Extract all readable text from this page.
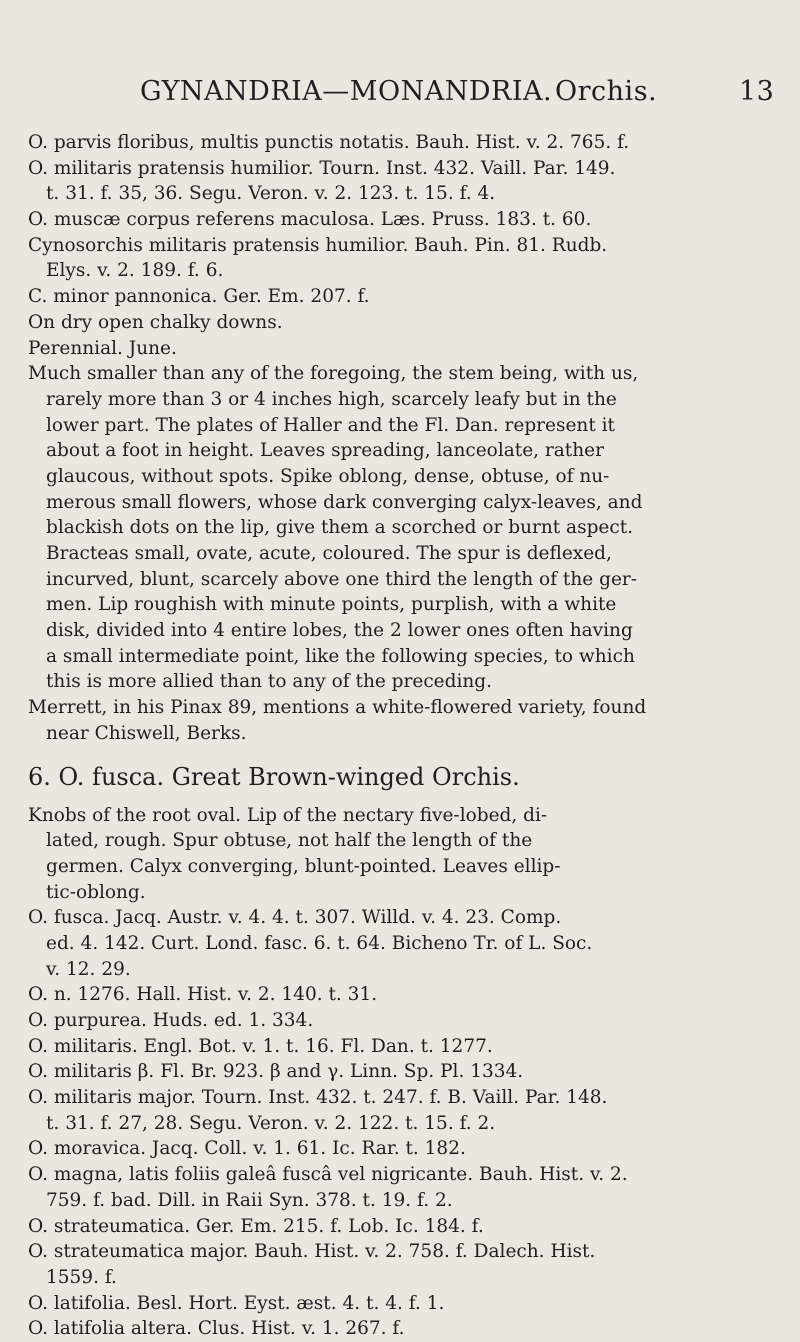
GYNANDRIA—MONANDRIA. Orchis.	13
O. parvis floribus, multis punctis notatis. Bauh. Hist. v. 2. 765. f.
O. militaris pratensis humilior. Tourn. Inst. 432. Vaill. Par. 149.
t. 31. f. 35, 36. Segu. Veron. v. 2. 123. t. 15. f. 4.
O. muscæ corpus referens maculosa. Læs. Pruss. 183. t. 60.
Cynosorchis militaris pratensis humilior. Bauh. Pin. 81. Rudb.
Elys. v. 2. 189. f. 6.
C. minor pannonica. Ger. Em. 207. f.
On dry open chalky downs.
Perennial. June.
Much smaller than any of the foregoing, the stem being, with us,
rarely more than 3 or 4 inches high, scarcely leafy but in the
lower part. The plates of Haller and the Fl. Dan. represent it
about a foot in height. Leaves spreading, lanceolate, rather
glaucous, without spots. Spike oblong, dense, obtuse, of nu-
merous small flowers, whose dark converging calyx-leaves, and
blackish dots on the lip, give them a scorched or burnt aspect.
Bracteas small, ovate, acute, coloured. The spur is deflexed,
incurved, blunt, scarcely above one third the length of the ger-
men. Lip roughish with minute points, purplish, with a white
disk, divided into 4 entire lobes, the 2 lower ones often having
a small intermediate point, like the following species, to which
this is more allied than to any of the preceding.
Merrett, in his Pinax 89, mentions a white-flowered variety, found
near Chiswell, Berks.
6. O. fusca. Great Brown-winged Orchis.
Knobs of the root oval. Lip of the nectary five-lobed, di-
lated, rough. Spur obtuse, not half the length of the
germen. Calyx converging, blunt-pointed. Leaves ellip-
tic-oblong.
O. fusca. Jacq. Austr. v. 4. 4. t. 307. Willd. v. 4. 23. Comp.
ed. 4. 142. Curt. Lond. fasc. 6. t. 64. Bicheno Tr. of L. Soc.
v. 12. 29.
O. n. 1276. Hall. Hist. v. 2. 140. t. 31.
O. purpurea. Huds. ed. 1. 334.
O. militaris. Engl. Bot. v. 1. t. 16. Fl. Dan. t. 1277.
O. militaris β. Fl. Br. 923. β and γ. Linn. Sp. Pl. 1334.
O. militaris major. Tourn. Inst. 432. t. 247. f. B. Vaill. Par. 148.
t. 31. f. 27, 28. Segu. Veron. v. 2. 122. t. 15. f. 2.
O. moravica. Jacq. Coll. v. 1. 61. Ic. Rar. t. 182.
O. magna, latis foliis galeâ fuscâ vel nigricante. Bauh. Hist. v. 2.
759. f. bad. Dill. in Raii Syn. 378. t. 19. f. 2.
O. strateumatica. Ger. Em. 215. f. Lob. Ic. 184. f.
O. strateumatica major. Bauh. Hist. v. 2. 758. f. Dalech. Hist.
1559. f.
O. latifolia. Besl. Hort. Eyst. æst. 4. t. 4. f. 1.
O. latifolia altera. Clus. Hist. v. 1. 267. f.
